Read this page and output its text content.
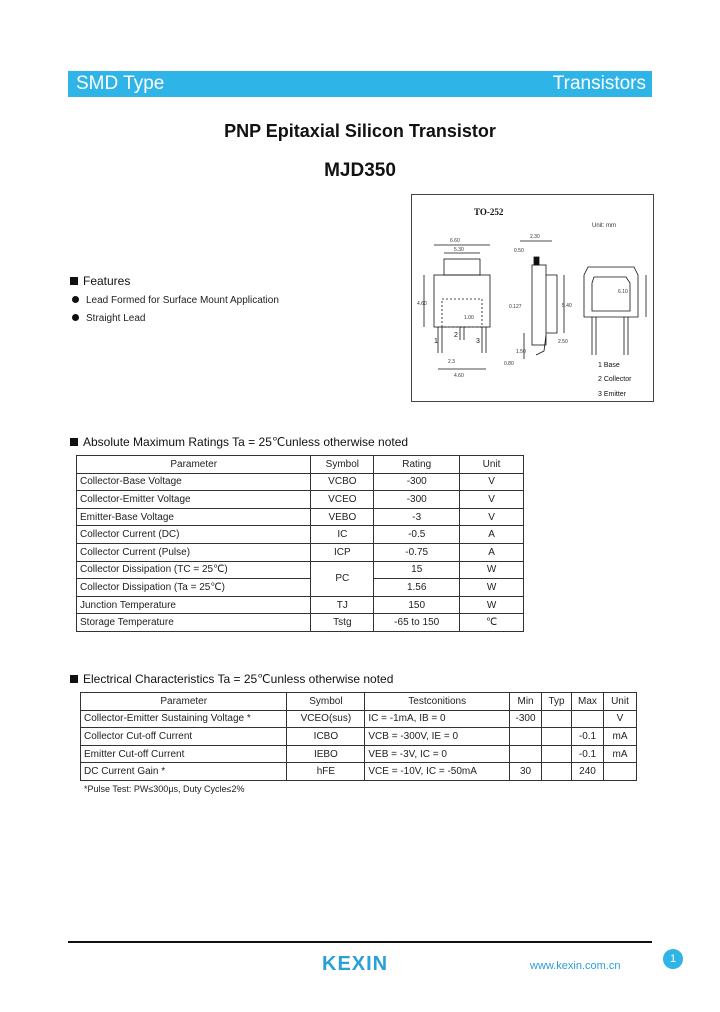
SMD Type	Transistors
PNP Epitaxial Silicon Transistor
MJD350
TO-252
Unit: mm
6.60
5.30
2.30
0.50
4.60	5.40
0.127
2.3
4.60
1.00
2.50
1.50
6.10
0.80
1
2
3
1 Base
2 Collector
3 Emitter
Features
Lead Formed for Surface Mount Application
Straight Lead
Absolute Maximum Ratings Ta = 25℃unless otherwise noted
Parameter	Symbol	Rating	Unit
Collector-Base Voltage	VCBO	-300	V
Collector-Emitter Voltage	VCEO	-300	V
Emitter-Base Voltage	VEBO	-3	V
Collector Current (DC)	IC	-0.5	A
Collector Current (Pulse)	ICP	-0.75	A
Collector Dissipation (TC = 25℃)	PC	15	W
Collector Dissipation (Ta = 25℃)		1.56	W
Junction Temperature	TJ	150	W
Storage Temperature	Tstg	-65 to 150	℃
Electrical Characteristics Ta = 25℃unless otherwise noted
Parameter	Symbol	Testconitions	Min	Typ	Max	Unit
Collector-Emitter Sustaining Voltage *	VCEO(sus)	IC = -1mA, IB = 0	-300			V
Collector Cut-off Current	ICBO	VCB = -300V, IE = 0			-0.1	mA
Emitter Cut-off Current	IEBO	VEB = -3V, IC = 0			-0.1	mA
DC Current Gain *	hFE	VCE = -10V, IC = -50mA	30		240	
*Pulse Test: PW≤300μs, Duty Cycle≤2%
KEXIN	www.kexin.com.cn
1
